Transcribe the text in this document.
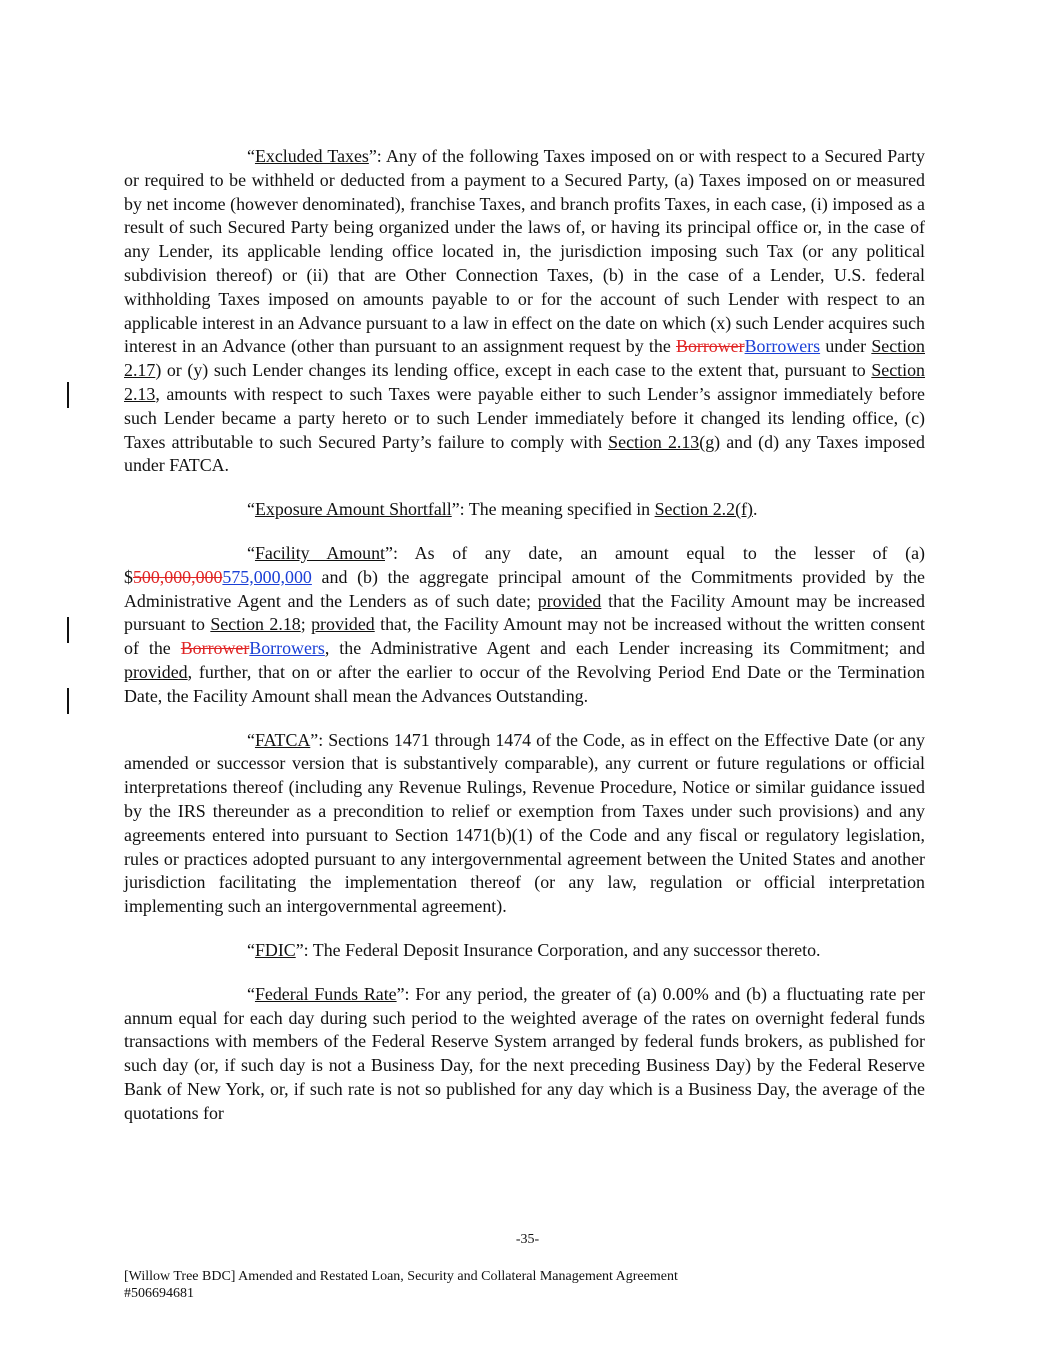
“Excluded Taxes”: Any of the following Taxes imposed on or with respect to a Secured Party or required to be withheld or deducted from a payment to a Secured Party, (a) Taxes imposed on or measured by net income (however denominated), franchise Taxes, and branch profits Taxes, in each case, (i) imposed as a result of such Secured Party being organized under the laws of, or having its principal office or, in the case of any Lender, its applicable lending office located in, the jurisdiction imposing such Tax (or any political subdivision thereof) or (ii) that are Other Connection Taxes, (b) in the case of a Lender, U.S. federal withholding Taxes imposed on amounts payable to or for the account of such Lender with respect to an applicable interest in an Advance pursuant to a law in effect on the date on which (x) such Lender acquires such interest in an Advance (other than pursuant to an assignment request by the BorrowerBorrowers under Section 2.17) or (y) such Lender changes its lending office, except in each case to the extent that, pursuant to Section 2.13, amounts with respect to such Taxes were payable either to such Lender’s assignor immediately before such Lender became a party hereto or to such Lender immediately before it changed its lending office, (c) Taxes attributable to such Secured Party’s failure to comply with Section 2.13(g) and (d) any Taxes imposed under FATCA.

“Exposure Amount Shortfall”: The meaning specified in Section 2.2(f).

“Facility Amount”: As of any date, an amount equal to the lesser of (a) $500,000,000575,000,000 and (b) the aggregate principal amount of the Commitments provided by the Administrative Agent and the Lenders as of such date; provided that the Facility Amount may be increased pursuant to Section 2.18; provided that, the Facility Amount may not be increased without the written consent of the BorrowerBorrowers, the Administrative Agent and each Lender increasing its Commitment; and provided, further, that on or after the earlier to occur of the Revolving Period End Date or the Termination Date, the Facility Amount shall mean the Advances Outstanding.

“FATCA”: Sections 1471 through 1474 of the Code, as in effect on the Effective Date (or any amended or successor version that is substantively comparable), any current or future regulations or official interpretations thereof (including any Revenue Rulings, Revenue Procedure, Notice or similar guidance issued by the IRS thereunder as a precondition to relief or exemption from Taxes under such provisions) and any agreements entered into pursuant to Section 1471(b)(1) of the Code and any fiscal or regulatory legislation, rules or practices adopted pursuant to any intergovernmental agreement between the United States and another jurisdiction facilitating the implementation thereof (or any law, regulation or official interpretation implementing such an intergovernmental agreement).

“FDIC”: The Federal Deposit Insurance Corporation, and any successor thereto.

“Federal Funds Rate”: For any period, the greater of (a) 0.00% and (b) a fluctuating rate per annum equal for each day during such period to the weighted average of the rates on overnight federal funds transactions with members of the Federal Reserve System arranged by federal funds brokers, as published for such day (or, if such day is not a Business Day, for the next preceding Business Day) by the Federal Reserve Bank of New York, or, if such rate is not so published for any day which is a Business Day, the average of the quotations for

-35-
[Willow Tree BDC] Amended and Restated Loan, Security and Collateral Management Agreement
#506694681
